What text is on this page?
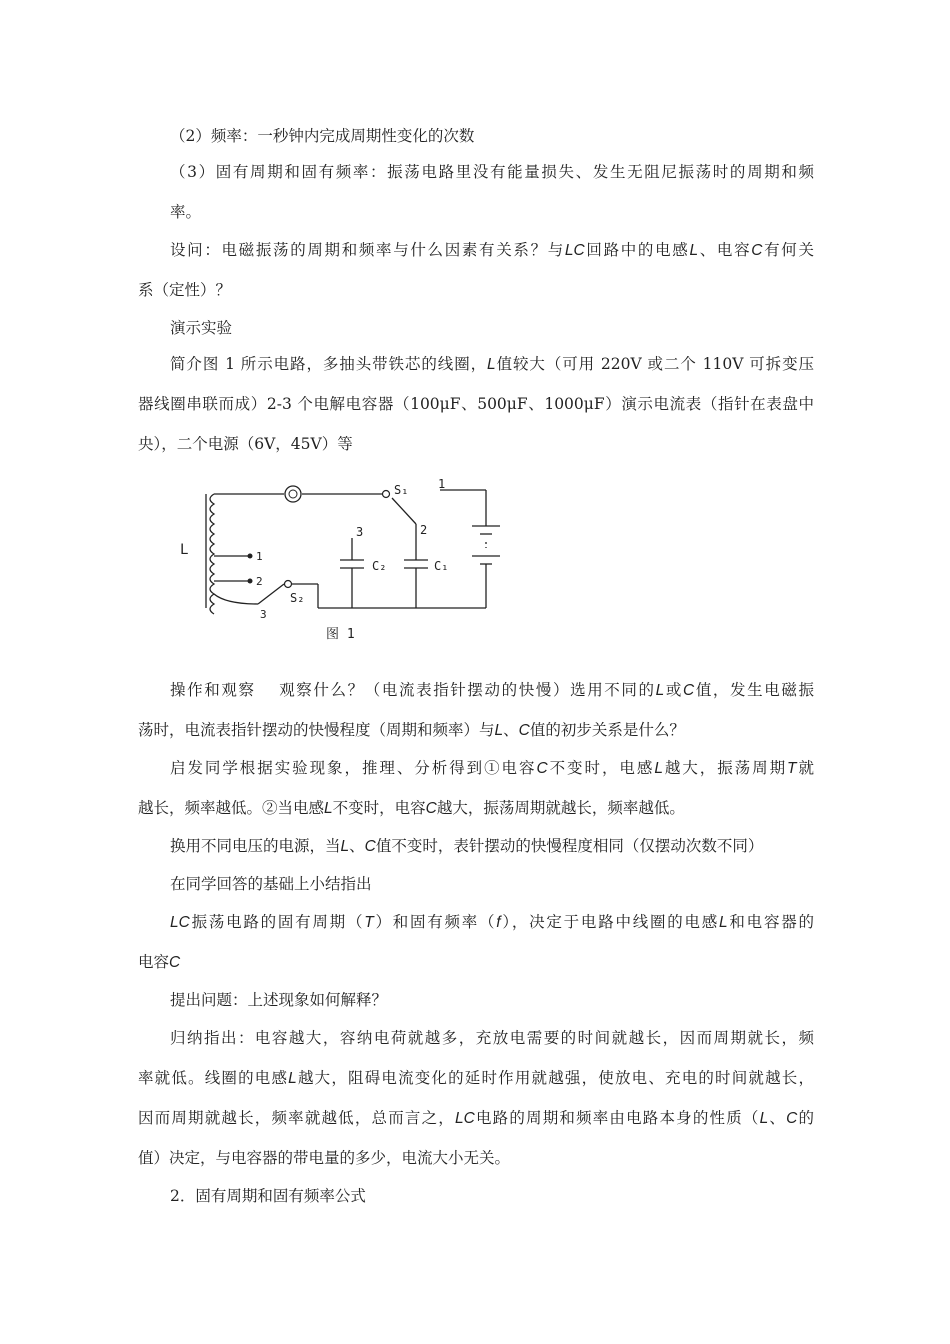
（2）频率：一秒钟内完成周期性变化的次数
（3）固有周期和固有频率：振荡电路里没有能量损失、发生无阻尼振荡时的周期和频
率。
设问：电磁振荡的周期和频率与什么因素有关系？与LC回路中的电感L、电容C有何关
系（定性）？
演示实验
简介图 1 所示电路，多抽头带铁芯的线圈，L值较大（可用 220V 或二个 110V 可拆变压
器线圈串联而成）2-3 个电解电容器（100μF、500μF、1000μF）演示电流表（指针在表盘中
央），二个电源（6V，45V）等
L	1
2
3
G	S₁
S₂
1
2
3
C₂	C₁
图 1
操作和观察　 观察什么？（电流表指针摆动的快慢）选用不同的L或C值，发生电磁振
荡时，电流表指针摆动的快慢程度（周期和频率）与L、C值的初步关系是什么？
启发同学根据实验现象，推理、分析得到①电容C不变时，电感L越大，振荡周期T就
越长，频率越低。②当电感L不变时，电容C越大，振荡周期就越长，频率越低。
换用不同电压的电源，当L、C值不变时，表针摆动的快慢程度相同（仅摆动次数不同）
在同学回答的基础上小结指出
LC振荡电路的固有周期（T）和固有频率（f），决定于电路中线圈的电感L和电容器的
电容C
提出问题：上述现象如何解释？
归纳指出：电容越大，容纳电荷就越多，充放电需要的时间就越长，因而周期就长，频
率就低。线圈的电感L越大，阻碍电流变化的延时作用就越强，使放电、充电的时间就越长，
因而周期就越长，频率就越低，总而言之，LC电路的周期和频率由电路本身的性质（L、C的
值）决定，与电容器的带电量的多少，电流大小无关。
2．固有周期和固有频率公式
